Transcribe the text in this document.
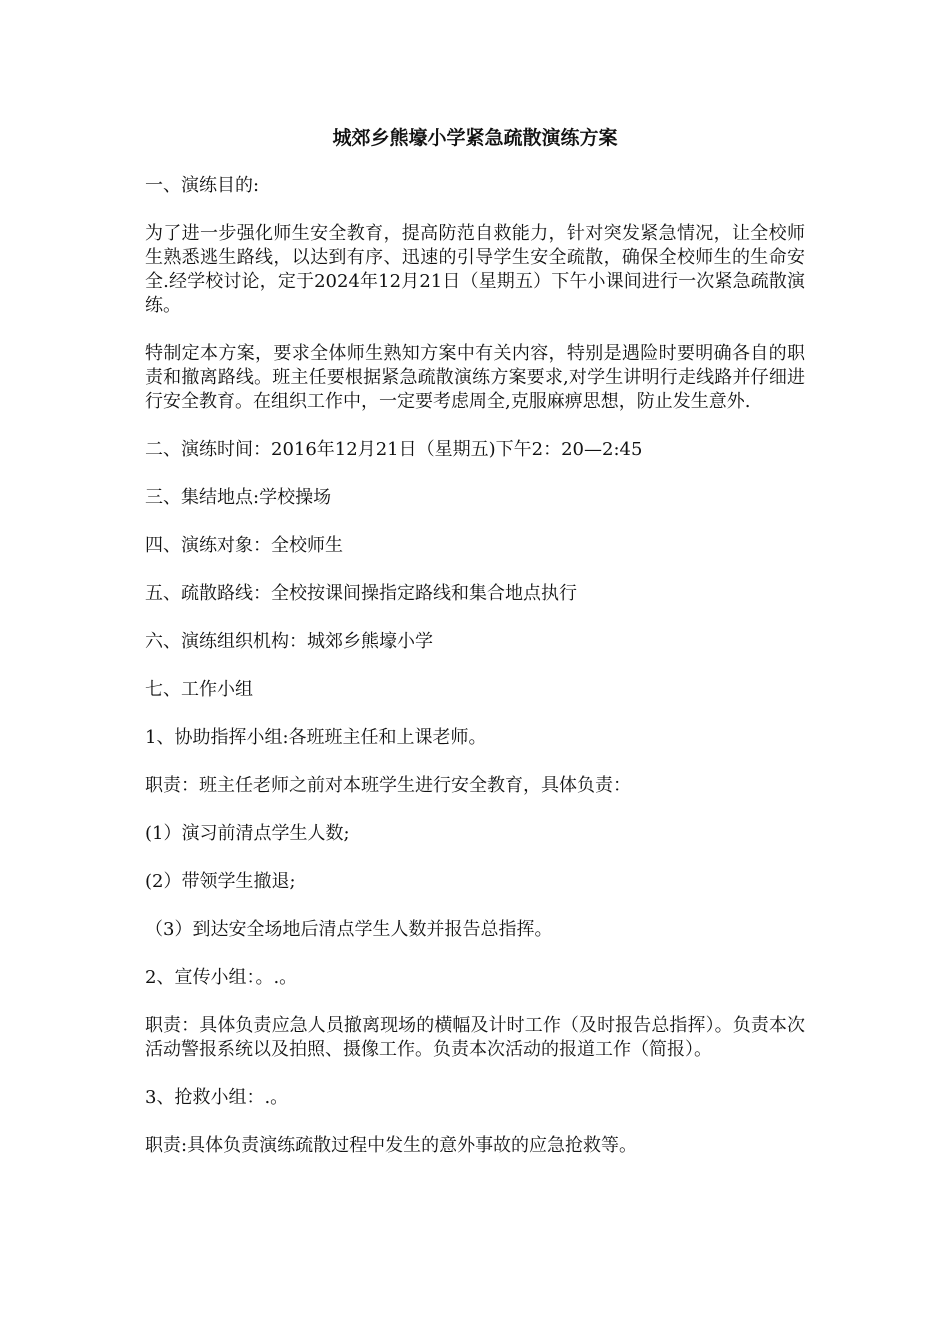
城郊乡熊壕小学紧急疏散演练方案

一、演练目的:

为了进一步强化师生安全教育，提高防范自救能力，针对突发紧急情况，让全校师生熟悉逃生路线，以达到有序、迅速的引导学生安全疏散，确保全校师生的生命安全.经学校讨论，定于2024年12月21日（星期五）下午小课间进行一次紧急疏散演练。

特制定本方案，要求全体师生熟知方案中有关内容，特别是遇险时要明确各自的职责和撤离路线。班主任要根据紧急疏散演练方案要求,对学生讲明行走线路并仔细进行安全教育。在组织工作中，一定要考虑周全,克服麻痹思想，防止发生意外.

二、演练时间：2016年12月21日（星期五)下午2：20—2:45

三、集结地点:学校操场

四、演练对象：全校师生

五、疏散路线：全校按课间操指定路线和集合地点执行

六、演练组织机构：城郊乡熊壕小学

七、工作小组

1、协助指挥小组:各班班主任和上课老师。

职责：班主任老师之前对本班学生进行安全教育，具体负责：

(1）演习前清点学生人数;

(2）带领学生撤退;

（3）到达安全场地后清点学生人数并报告总指挥。

2、宣传小组：。.。

职责：具体负责应急人员撤离现场的横幅及计时工作（及时报告总指挥）。负责本次活动警报系统以及拍照、摄像工作。负责本次活动的报道工作（简报）。

3、抢救小组：.。

职责:具体负责演练疏散过程中发生的意外事故的应急抢救等。
